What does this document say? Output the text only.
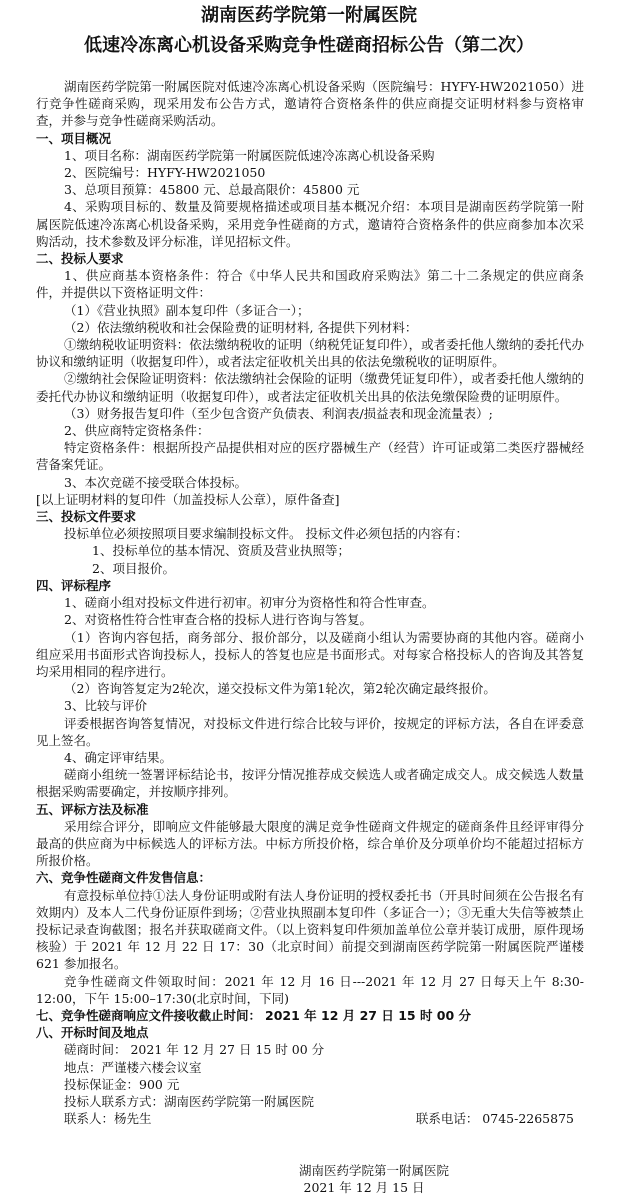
湖南医药学院第一附属医院
低速冷冻离心机设备采购竞争性磋商招标公告（第二次）

湖南医药学院第一附属医院对低速冷冻离心机设备采购（医院编号：HYFY-HW2021050）进行竞争性磋商采购，现采用发布公告方式，邀请符合资格条件的供应商提交证明材料参与资格审查，并参与竞争性磋商采购活动。

一、项目概况

1、项目名称：湖南医药学院第一附属医院低速冷冻离心机设备采购

2、医院编号：HYFY-HW2021050

3、总项目预算：45800 元、总最高限价：45800 元

4、采购项目标的、数量及简要规格描述或项目基本概况介绍：本项目是湖南医药学院第一附属医院低速冷冻离心机设备采购，采用竞争性磋商的方式，邀请符合资格条件的供应商参加本次采购活动，技术参数及评分标准，详见招标文件。

二、投标人要求

1、供应商基本资格条件：符合《中华人民共和国政府采购法》第二十二条规定的供应商条件，并提供以下资格证明文件：

（1）《营业执照》副本复印件（多证合一）；

（2）依法缴纳税收和社会保险费的证明材料, 各提供下列材料：

①缴纳税收证明资料：依法缴纳税收的证明（纳税凭证复印件），或者委托他人缴纳的委托代办协议和缴纳证明（收据复印件），或者法定征收机关出具的依法免缴税收的证明原件。

②缴纳社会保险证明资料：依法缴纳社会保险的证明（缴费凭证复印件），或者委托他人缴纳的委托代办协议和缴纳证明（收据复印件），或者法定征收机关出具的依法免缴保险费的证明原件。

（3）财务报告复印件（至少包含资产负债表、利润表/损益表和现金流量表）;

2、供应商特定资格条件：

特定资格条件：根据所投产品提供相对应的医疗器械生产（经营）许可证或第二类医疗器械经营备案凭证。

3、本次竞磋不接受联合体投标。

[以上证明材料的复印件（加盖投标人公章），原件备查]

三、投标文件要求

投标单位必须按照项目要求编制投标文件。 投标文件必须包括的内容有：

1、投标单位的基本情况、资质及营业执照等；

2、项目报价。

四、评标程序

1、磋商小组对投标文件进行初审。初审分为资格性和符合性审查。

2、对资格性符合性审查合格的投标人进行咨询与答复。

（1）咨询内容包括，商务部分、报价部分，以及磋商小组认为需要协商的其他内容。磋商小组应采用书面形式咨询投标人，投标人的答复也应是书面形式。对每家合格投标人的咨询及其答复均采用相同的程序进行。

（2）咨询答复定为2轮次，递交投标文件为第1轮次，第2轮次确定最终报价。

3、比较与评价

评委根据咨询答复情况，对投标文件进行综合比较与评价，按规定的评标方法，各自在评委意见上签名。

4、确定评审结果。

磋商小组统一签署评标结论书，按评分情况推荐成交候选人或者确定成交人。成交候选人数量根据采购需要确定，并按顺序排列。

五、评标方法及标准

采用综合评分，即响应文件能够最大限度的满足竞争性磋商文件规定的磋商条件且经评审得分最高的供应商为中标候选人的评标方法。中标方所投价格，综合单价及分项单价均不能超过招标方所报价格。

六、竞争性磋商文件发售信息：

有意投标单位持①法人身份证明或附有法人身份证明的授权委托书（开具时间须在公告报名有效期内）及本人二代身份证原件到场；②营业执照副本复印件（多证合一）；③无重大失信等被禁止投标记录查询截图；报名并获取磋商文件。（以上资料复印件须加盖单位公章并装订成册，原件现场核验）于 2021 年 12 月 22 日 17：30（北京时间）前提交到湖南医药学院第一附属医院严谨楼 621 参加报名。

竞争性磋商文件领取时间：2021 年 12 月 16 日---2021 年 12 月 27 日每天上午 8:30-12:00，下午 15:00–17:30(北京时间，下同)

七、竞争性磋商响应文件接收截止时间： 2021 年 12 月 27 日 15 时 00 分

八、开标时间及地点

磋商时间： 2021 年 12 月 27 日 15 时 00 分

地点：严谨楼六楼会议室

投标保证金：900 元

投标人联系方式：湖南医药学院第一附属医院

联系人：杨先生	联系电话： 0745-2265875

湖南医药学院第一附属医院
2021 年 12 月 15 日
